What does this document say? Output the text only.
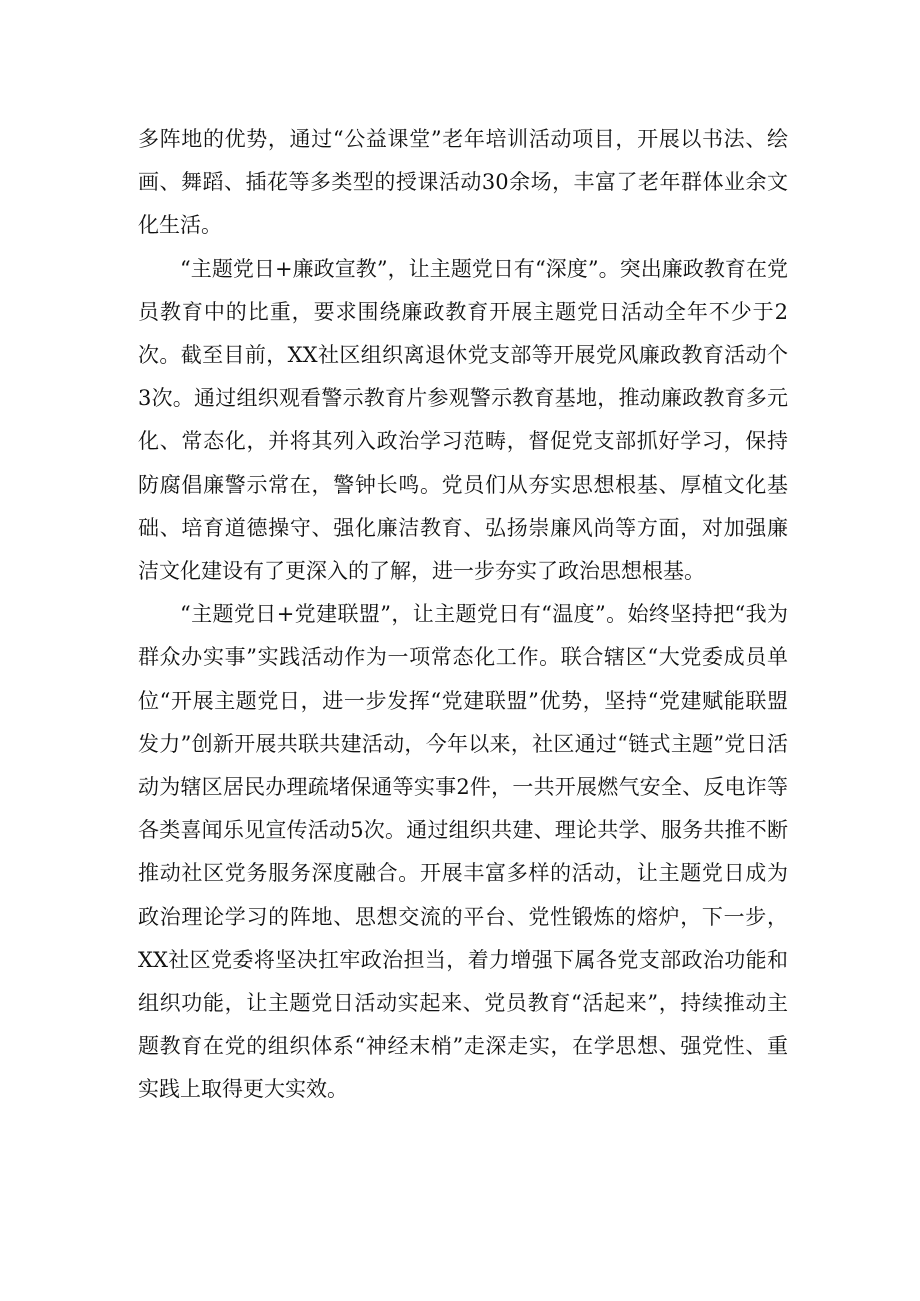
多阵地的优势，通过“公益课堂”老年培训活动项目，开展以书法、绘画、舞蹈、插花等多类型的授课活动30余场，丰富了老年群体业余文化生活。

“主题党日+廉政宣教”，让主题党日有“深度”。突出廉政教育在党员教育中的比重，要求围绕廉政教育开展主题党日活动全年不少于2次。截至目前，XX社区组织离退休党支部等开展党风廉政教育活动个3次。通过组织观看警示教育片参观警示教育基地，推动廉政教育多元化、常态化，并将其列入政治学习范畴，督促党支部抓好学习，保持防腐倡廉警示常在，警钟长鸣。党员们从夯实思想根基、厚植文化基础、培育道德操守、强化廉洁教育、弘扬崇廉风尚等方面，对加强廉洁文化建设有了更深入的了解，进一步夯实了政治思想根基。

“主题党日+党建联盟”，让主题党日有“温度”。始终坚持把“我为群众办实事”实践活动作为一项常态化工作。联合辖区“大党委成员单位“开展主题党日，进一步发挥“党建联盟”优势，坚持“党建赋能联盟发力”创新开展共联共建活动，今年以来，社区通过“链式主题”党日活动为辖区居民办理疏堵保通等实事2件，一共开展燃气安全、反电诈等各类喜闻乐见宣传活动5次。通过组织共建、理论共学、服务共推不断推动社区党务服务深度融合。开展丰富多样的活动，让主题党日成为政治理论学习的阵地、思想交流的平台、党性锻炼的熔炉，下一步，XX社区党委将坚决扛牢政治担当，着力增强下属各党支部政治功能和组织功能，让主题党日活动实起来、党员教育“活起来”，持续推动主题教育在党的组织体系“神经末梢”走深走实，在学思想、强党性、重实践上取得更大实效。
